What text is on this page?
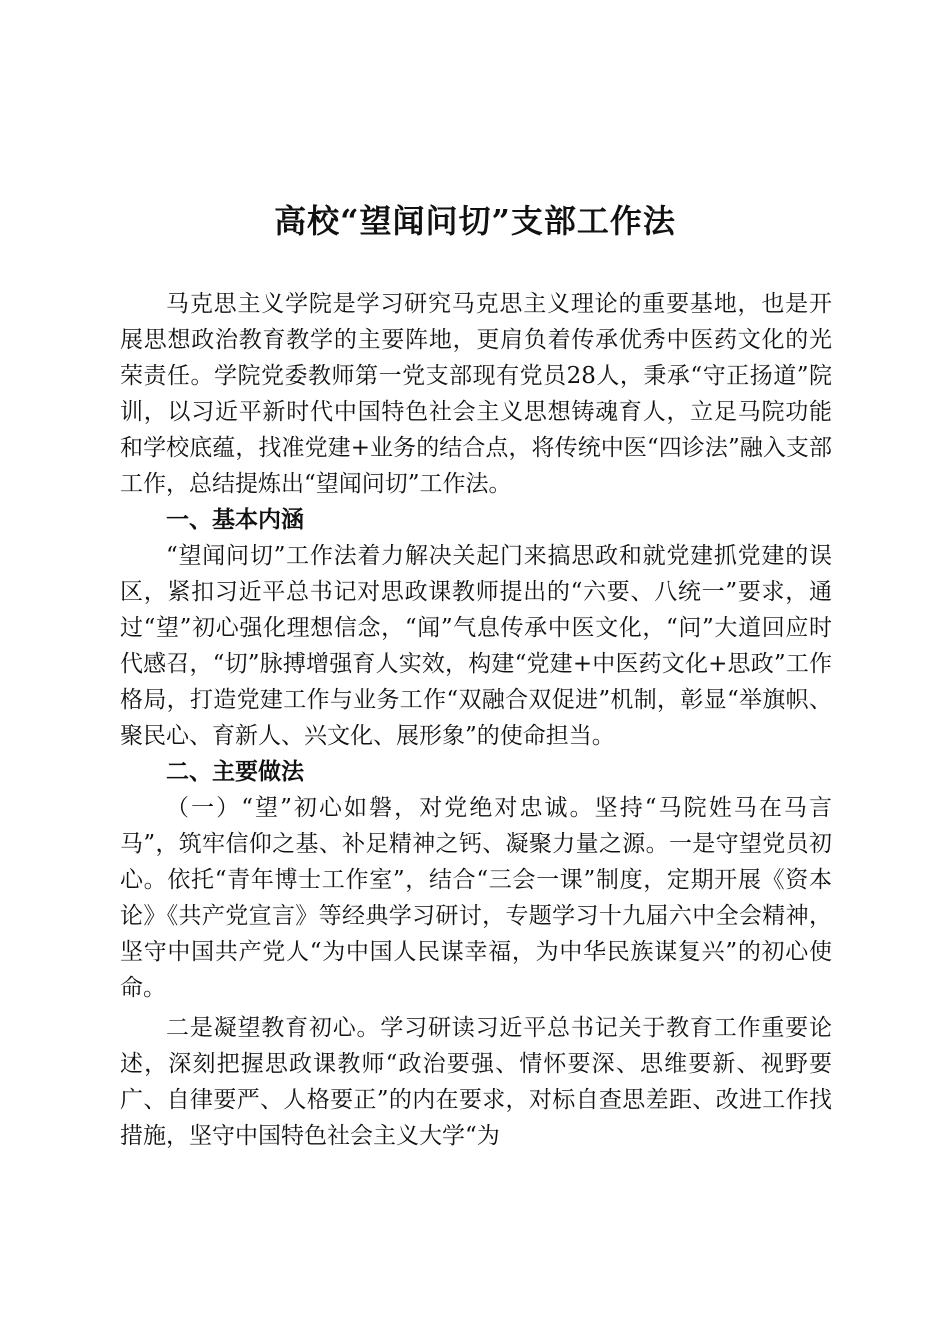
高校“望闻问切”支部工作法

马克思主义学院是学习研究马克思主义理论的重要基地，也是开展思想政治教育教学的主要阵地，更肩负着传承优秀中医药文化的光荣责任。学院党委教师第一党支部现有党员28人，秉承“守正扬道”院训，以习近平新时代中国特色社会主义思想铸魂育人，立足马院功能和学校底蕴，找准党建+业务的结合点，将传统中医“四诊法”融入支部工作，总结提炼出“望闻问切”工作法。

一、基本内涵

“望闻问切”工作法着力解决关起门来搞思政和就党建抓党建的误区，紧扣习近平总书记对思政课教师提出的“六要、八统一”要求，通过“望”初心强化理想信念，“闻”气息传承中医文化，“问”大道回应时代感召，“切”脉搏增强育人实效，构建“党建+中医药文化+思政”工作格局，打造党建工作与业务工作“双融合双促进”机制，彰显“举旗帜、聚民心、育新人、兴文化、展形象”的使命担当。

二、主要做法

（一）“望”初心如磐，对党绝对忠诚。坚持“马院姓马在马言马”，筑牢信仰之基、补足精神之钙、凝聚力量之源。一是守望党员初心。依托“青年博士工作室”，结合“三会一课”制度，定期开展《资本论》《共产党宣言》等经典学习研讨，专题学习十九届六中全会精神，坚守中国共产党人“为中国人民谋幸福，为中华民族谋复兴”的初心使命。

二是凝望教育初心。学习研读习近平总书记关于教育工作重要论述，深刻把握思政课教师“政治要强、情怀要深、思维要新、视野要广、自律要严、人格要正”的内在要求，对标自查思差距、改进工作找措施，坚守中国特色社会主义大学“为
